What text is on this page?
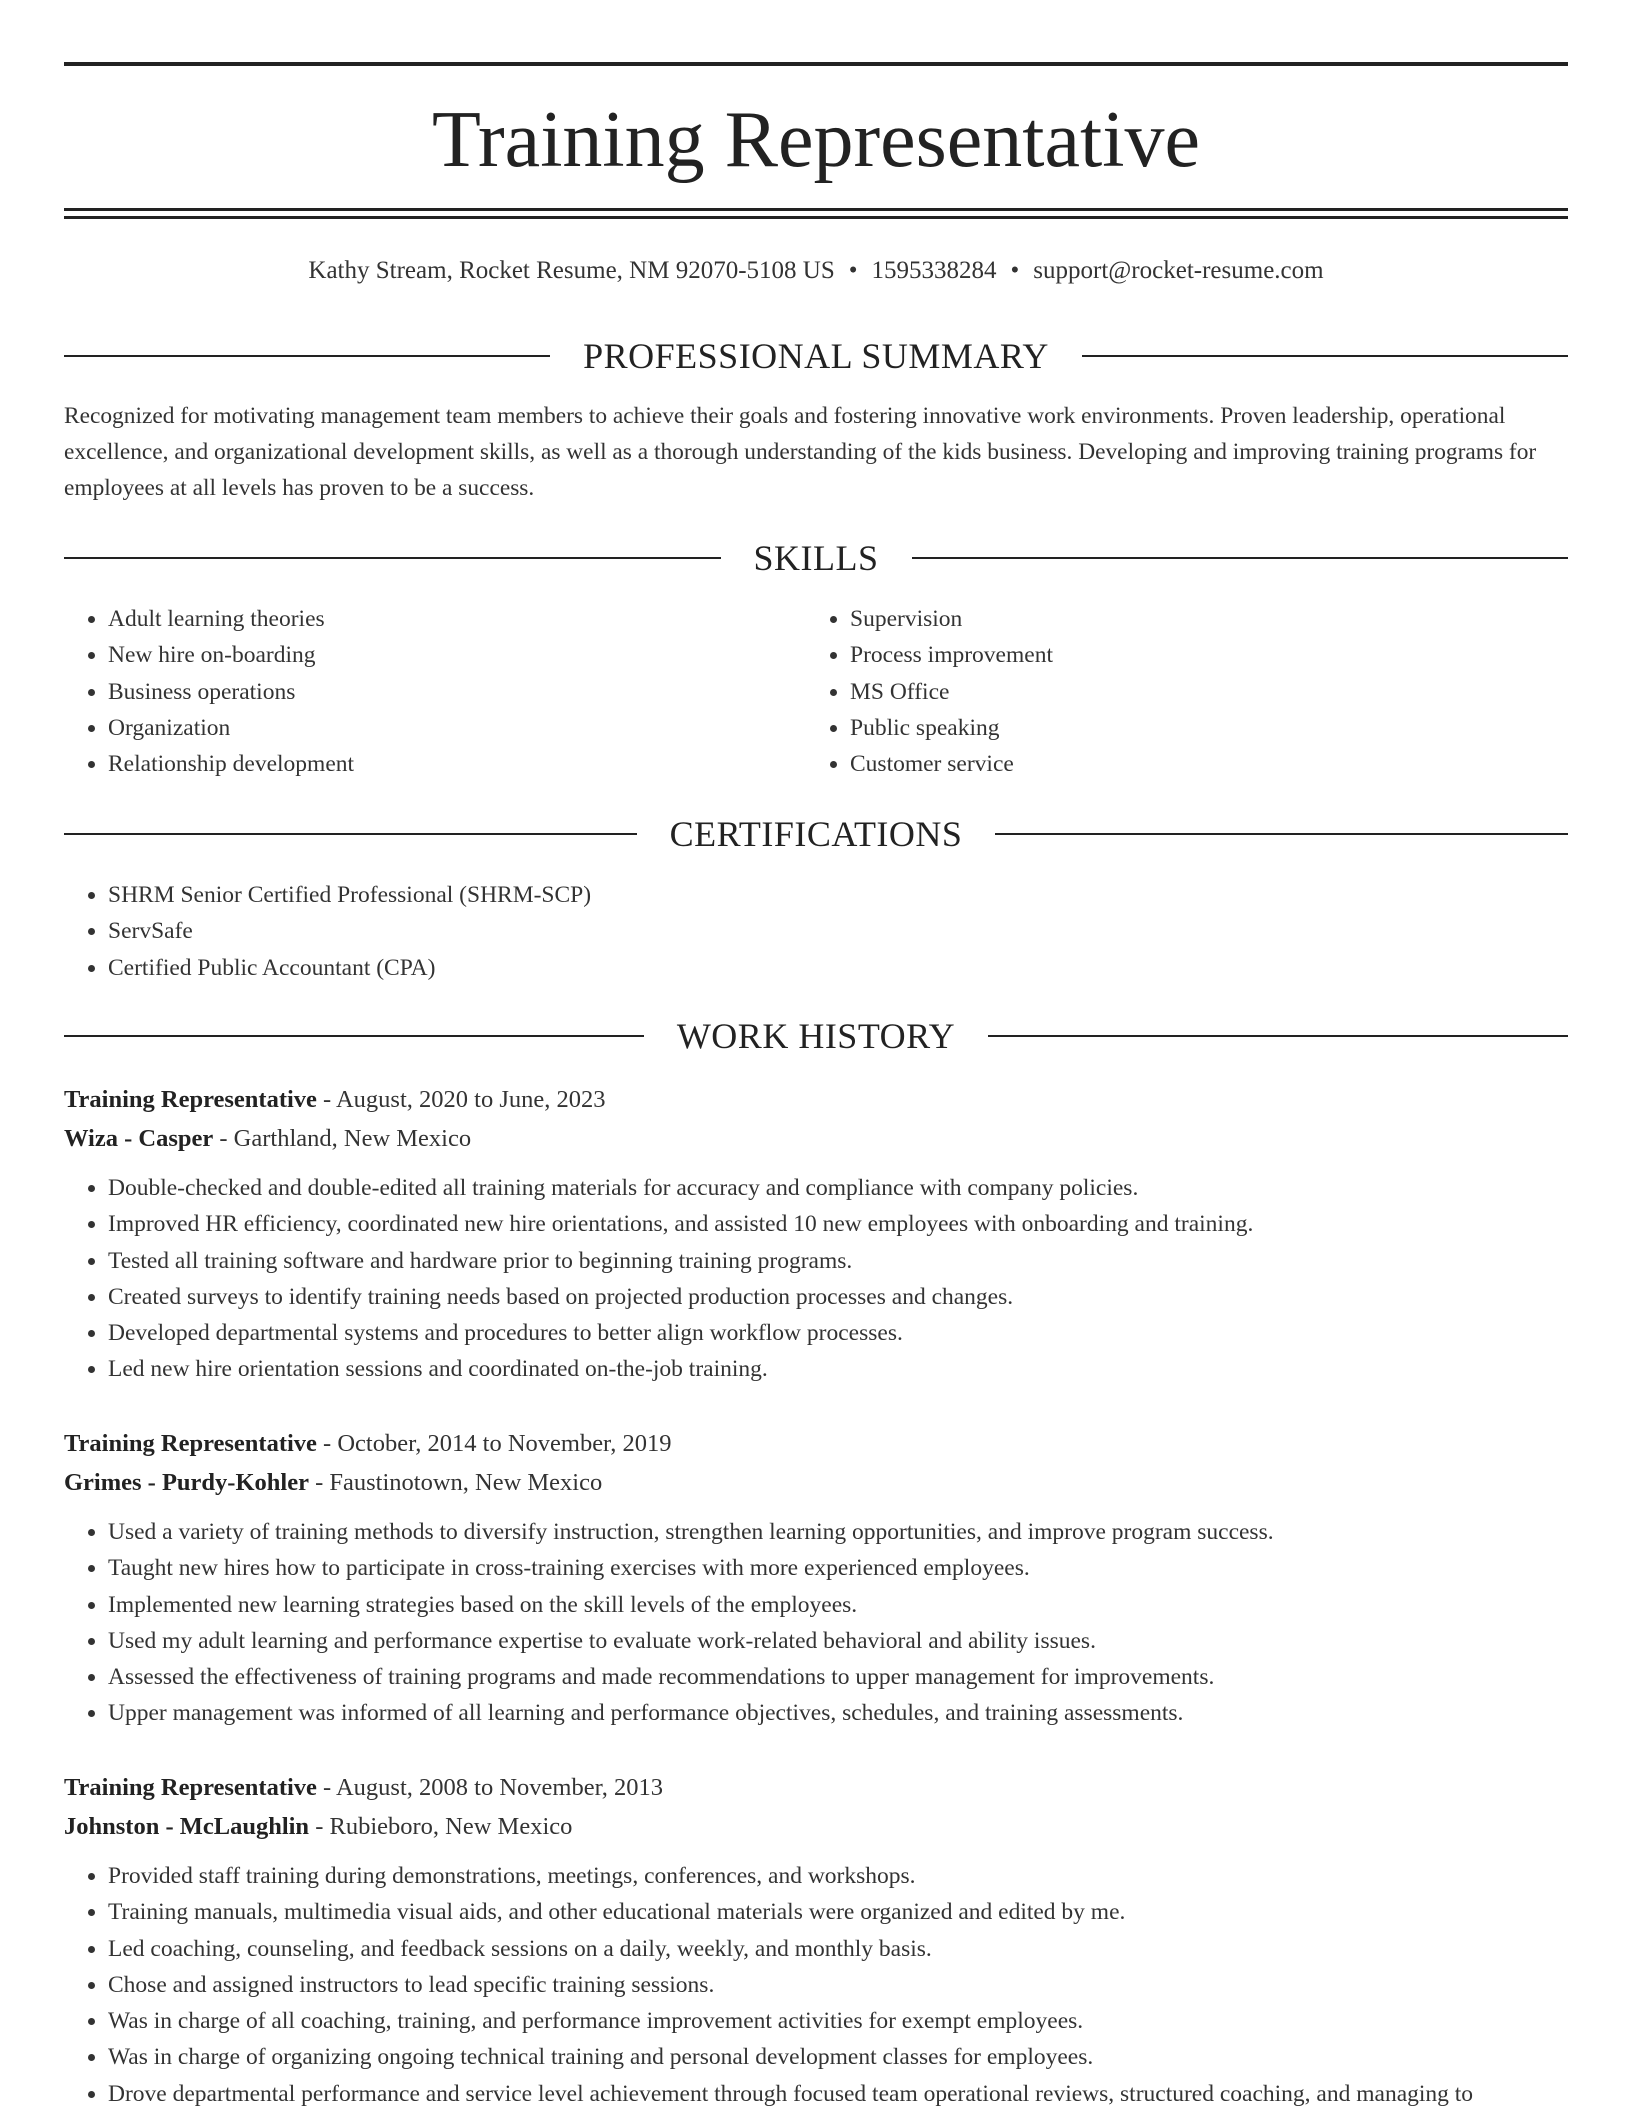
Training Representative
Kathy Stream, Rocket Resume, NM 92070-5108 US • 1595338284 • support@rocket-resume.com
PROFESSIONAL SUMMARY

Recognized for motivating management team members to achieve their goals and fostering innovative work environments. Proven leadership, operational excellence, and organizational development skills, as well as a thorough understanding of the kids business. Developing and improving training programs for employees at all levels has proven to be a success.

SKILLS
• Adult learning theories
• New hire on-boarding
• Business operations
• Organization
• Relationship development
• Supervision
• Process improvement
• MS Office
• Public speaking
• Customer service
CERTIFICATIONS
• SHRM Senior Certified Professional (SHRM-SCP)
• ServSafe
• Certified Public Accountant (CPA)
WORK HISTORY
Training Representative - August, 2020 to June, 2023
Wiza - Casper - Garthland, New Mexico
• Double-checked and double-edited all training materials for accuracy and compliance with company policies.
• Improved HR efficiency, coordinated new hire orientations, and assisted 10 new employees with onboarding and training.
• Tested all training software and hardware prior to beginning training programs.
• Created surveys to identify training needs based on projected production processes and changes.
• Developed departmental systems and procedures to better align workflow processes.
• Led new hire orientation sessions and coordinated on-the-job training.
Training Representative - October, 2014 to November, 2019
Grimes - Purdy-Kohler - Faustinotown, New Mexico
• Used a variety of training methods to diversify instruction, strengthen learning opportunities, and improve program success.
• Taught new hires how to participate in cross-training exercises with more experienced employees.
• Implemented new learning strategies based on the skill levels of the employees.
• Used my adult learning and performance expertise to evaluate work-related behavioral and ability issues.
• Assessed the effectiveness of training programs and made recommendations to upper management for improvements.
• Upper management was informed of all learning and performance objectives, schedules, and training assessments.
Training Representative - August, 2008 to November, 2013
Johnston - McLaughlin - Rubieboro, New Mexico
• Provided staff training during demonstrations, meetings, conferences, and workshops.
• Training manuals, multimedia visual aids, and other educational materials were organized and edited by me.
• Led coaching, counseling, and feedback sessions on a daily, weekly, and monthly basis.
• Chose and assigned instructors to lead specific training sessions.
• Was in charge of all coaching, training, and performance improvement activities for exempt employees.
• Was in charge of organizing ongoing technical training and personal development classes for employees.
• Drove departmental performance and service level achievement through focused team operational reviews, structured coaching, and managing to
